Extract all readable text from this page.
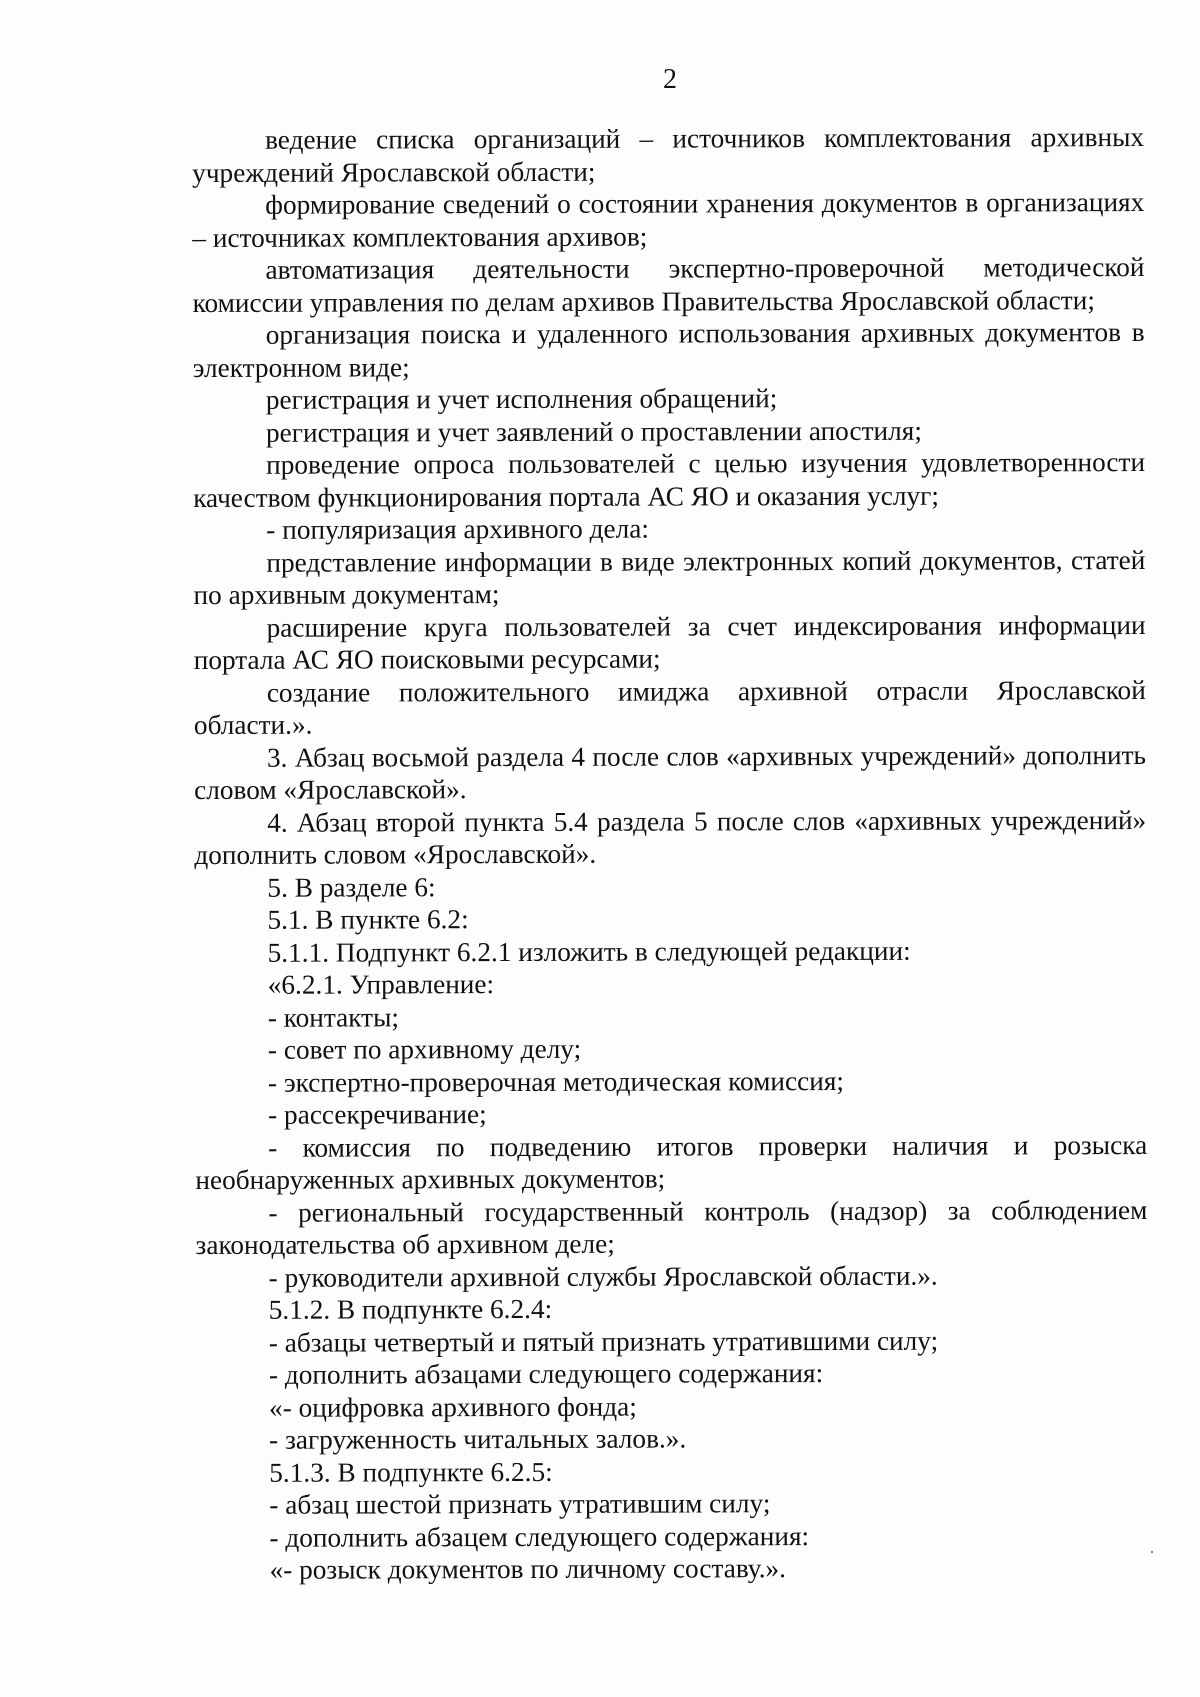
2

ведение списка организаций – источников комплектования архивных учреждений Ярославской области;

формирование сведений о состоянии хранения документов в организациях – источниках комплектования архивов;

автоматизация деятельности экспертно-проверочной методической комиссии управления по делам архивов Правительства Ярославской области;

организация поиска и удаленного использования архивных документов в электронном виде;

регистрация и учет исполнения обращений;

регистрация и учет заявлений о проставлении апостиля;

проведение опроса пользователей с целью изучения удовлетворенности качеством функционирования портала АС ЯО и оказания услуг;

- популяризация архивного дела:

представление информации в виде электронных копий документов, статей по архивным документам;

расширение круга пользователей за счет индексирования информации портала АС ЯО поисковыми ресурсами;

создание положительного имиджа архивной отрасли Ярославской области.».

3. Абзац восьмой раздела 4 после слов «архивных учреждений» дополнить словом «Ярославской».

4. Абзац второй пункта 5.4 раздела 5 после слов «архивных учреждений» дополнить словом «Ярославской».

5. В разделе 6:

5.1. В пункте 6.2:

5.1.1. Подпункт 6.2.1 изложить в следующей редакции:

«6.2.1. Управление:

- контакты;

- совет по архивному делу;

- экспертно-проверочная методическая комиссия;

- рассекречивание;

- комиссия по подведению итогов проверки наличия и розыска необнаруженных архивных документов;

- региональный государственный контроль (надзор) за соблюдением законодательства об архивном деле;

- руководители архивной службы Ярославской области.».

5.1.2. В подпункте 6.2.4:

- абзацы четвертый и пятый признать утратившими силу;

- дополнить абзацами следующего содержания:

«- оцифровка архивного фонда;

- загруженность читальных залов.».

5.1.3. В подпункте 6.2.5:

- абзац шестой признать утратившим силу;

- дополнить абзацем следующего содержания:

«- розыск документов по личному составу.».
